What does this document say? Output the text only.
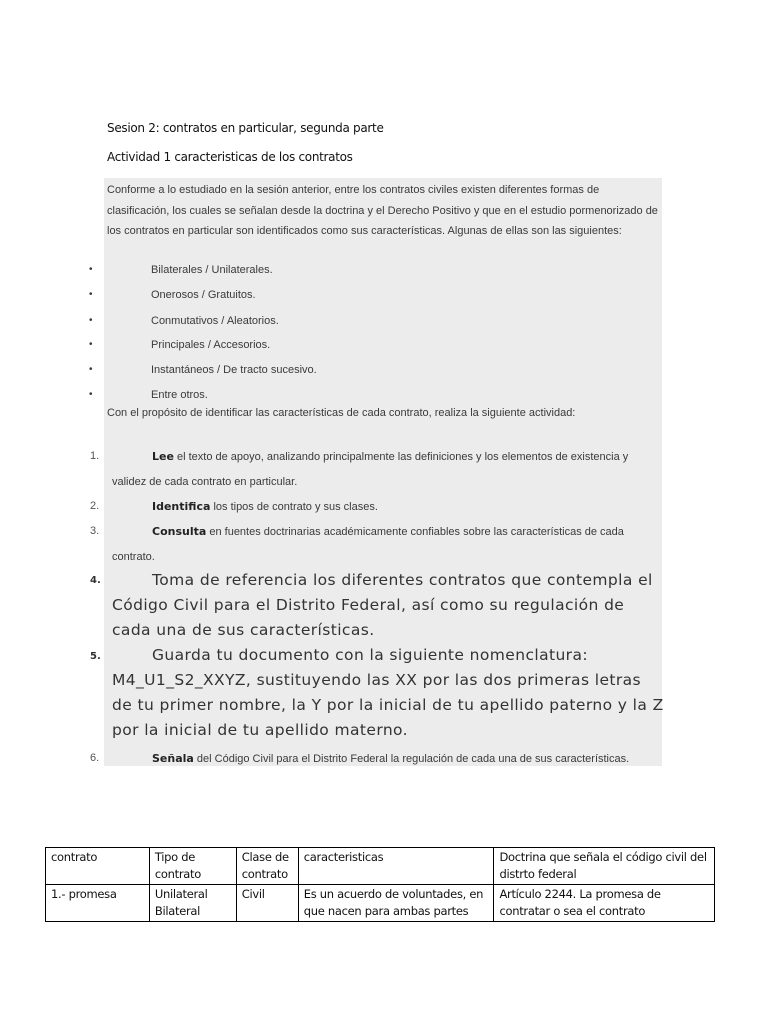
Sesion 2: contratos en particular, segunda parte
Actividad 1 caracteristicas de los contratos
Conforme a lo estudiado en la sesión anterior, entre los contratos civiles existen diferentes formas de clasificación, los cuales se señalan desde la doctrina y el Derecho Positivo y que en el estudio pormenorizado de los contratos en particular son identificados como sus características. Algunas de ellas son las siguientes:
•	Bilaterales / Unilaterales.
•	Onerosos / Gratuitos.
•	Conmutativos / Aleatorios.
•	Principales / Accesorios.
•	Instantáneos / De tracto sucesivo.
•	Entre otros.
Con el propósito de identificar las características de cada contrato, realiza la siguiente actividad:
1.	Lee el texto de apoyo, analizando principalmente las definiciones y los elementos de existencia y validez de cada contrato en particular.
2.	Identifica los tipos de contrato y sus clases.
3.	Consulta en fuentes doctrinarias académicamente confiables sobre las características de cada contrato.
4.	Toma de referencia los diferentes contratos que contempla el Código Civil para el Distrito Federal, así como su regulación de cada una de sus características.
5.	Guarda tu documento con la siguiente nomenclatura: M4_U1_S2_XXYZ, sustituyendo las XX por las dos primeras letras de tu primer nombre, la Y por la inicial de tu apellido paterno y la Z por la inicial de tu apellido materno.
6.	Señala del Código Civil para el Distrito Federal la regulación de cada una de sus características.
contrato	Tipo de contrato	Clase de contrato	caracteristicas	Doctrina que señala el código civil del distrto federal
1.- promesa	Unilateral Bilateral	Civil	Es un acuerdo de voluntades, en que nacen para ambas partes	Artículo 2244. La promesa de contratar o sea el contrato
